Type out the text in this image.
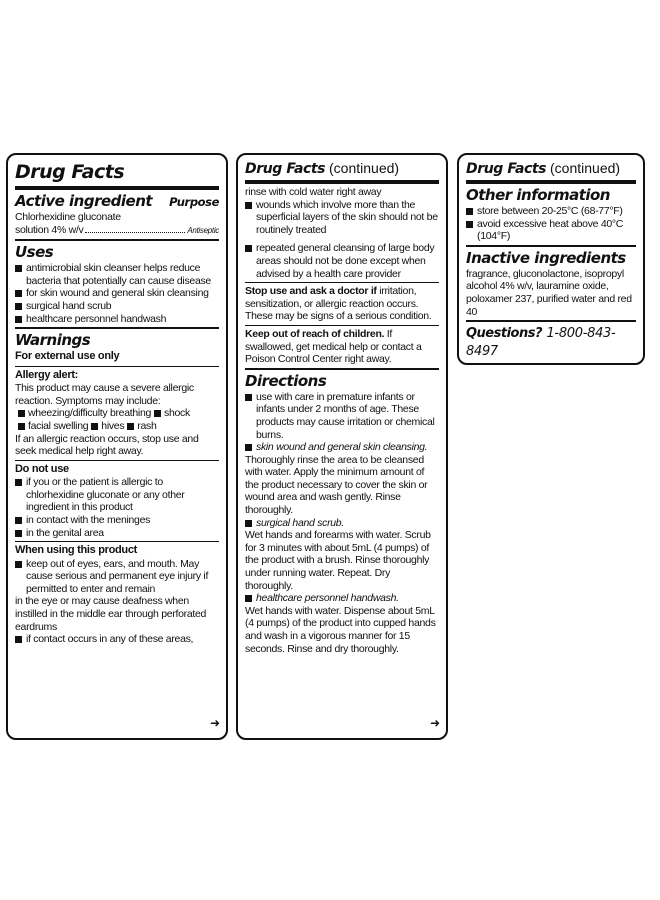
Drug Facts
Active ingredient Purpose
Chlorhexidine gluconate
solution 4% w/v	Antiseptic
Uses
antimicrobial skin cleanser helps reduce bacteria that potentially can cause disease
for skin wound and general skin cleansing
surgical hand scrub
healthcare personnel handwash
Warnings
For external use only
Allergy alert:
This product may cause a severe allergic reaction. Symptoms may include:
wheezing/difficulty breathing shock
facial swelling hives rash
If an allergic reaction occurs, stop use and seek medical help right away.
Do not use
if you or the patient is allergic to chlorhexidine gluconate or any other ingredient in this product
in contact with the meninges
in the genital area
When using this product
keep out of eyes, ears, and mouth. May cause serious and permanent eye injury if permitted to enter and remain
in the eye or may cause deafness when instilled in the middle ear through perforated eardrums
if contact occurs in any of these areas,
➜
Drug Facts (continued)
rinse with cold water right away
wounds which involve more than the superficial layers of the skin should not be routinely treated
repeated general cleansing of large body areas should not be done except when advised by a health care provider
Stop use and ask a doctor if irritation, sensitization, or allergic reaction occurs. These may be signs of a serious condition.
Keep out of reach of children. If swallowed, get medical help or contact a Poison Control Center right away.
Directions
use with care in premature infants or infants under 2 months of age. These products may cause irritation or chemical burns.
skin wound and general skin cleansing.
Thoroughly rinse the area to be cleansed with water. Apply the minimum amount of the product necessary to cover the skin or wound area and wash gently. Rinse thoroughly.
surgical hand scrub.
Wet hands and forearms with water. Scrub for 3 minutes with about 5mL (4 pumps) of the product with a brush. Rinse thoroughly under running water. Repeat. Dry thoroughly.
healthcare personnel handwash.
Wet hands with water. Dispense about 5mL (4 pumps) of the product into cupped hands and wash in a vigorous manner for 15 seconds. Rinse and dry thoroughly.
➜
Drug Facts (continued)
Other information
store between 20-25°C (68-77°F)
avoid excessive heat above 40°C (104°F)
Inactive ingredients
fragrance, gluconolactone, isopropyl alcohol 4% w/v, lauramine oxide, poloxamer 237, purified water and red 40
Questions? 1-800-843-8497
